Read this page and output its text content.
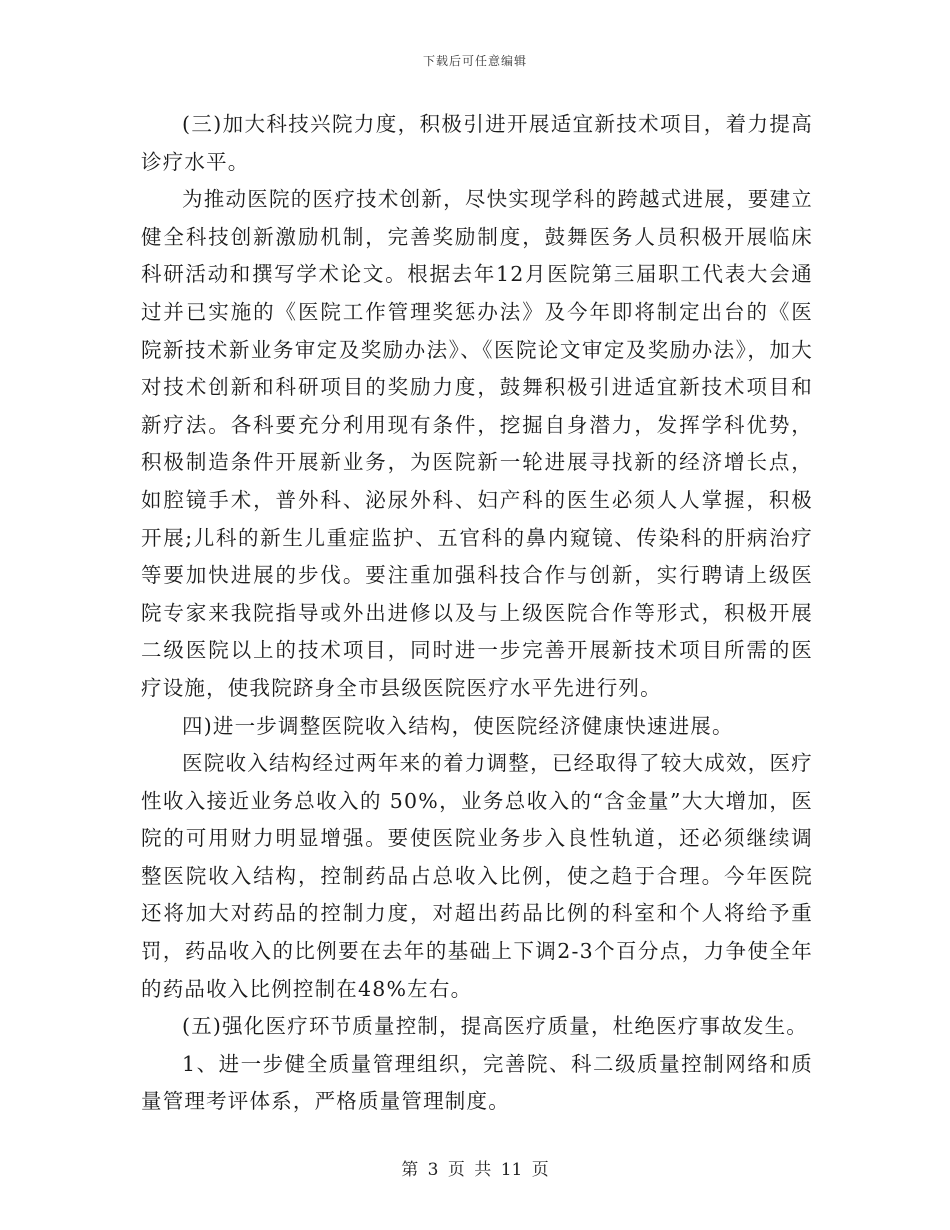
下载后可任意编辑

(三)加大科技兴院力度，积极引进开展适宜新技术项目，着力提高诊疗水平。

为推动医院的医疗技术创新，尽快实现学科的跨越式进展，要建立健全科技创新激励机制，完善奖励制度，鼓舞医务人员积极开展临床科研活动和撰写学术论文。根据去年12月医院第三届职工代表大会通过并已实施的《医院工作管理奖惩办法》及今年即将制定出台的《医院新技术新业务审定及奖励办法》、《医院论文审定及奖励办法》，加大对技术创新和科研项目的奖励力度，鼓舞积极引进适宜新技术项目和新疗法。各科要充分利用现有条件，挖掘自身潜力，发挥学科优势，积极制造条件开展新业务，为医院新一轮进展寻找新的经济增长点，如腔镜手术，普外科、泌尿外科、妇产科的医生必须人人掌握，积极开展;儿科的新生儿重症监护、五官科的鼻内窥镜、传染科的肝病治疗等要加快进展的步伐。要注重加强科技合作与创新，实行聘请上级医院专家来我院指导或外出进修以及与上级医院合作等形式，积极开展二级医院以上的技术项目，同时进一步完善开展新技术项目所需的医疗设施，使我院跻身全市县级医院医疗水平先进行列。

四)进一步调整医院收入结构，使医院经济健康快速进展。

医院收入结构经过两年来的着力调整，已经取得了较大成效，医疗性收入接近业务总收入的 50%，业务总收入的“含金量”大大增加，医院的可用财力明显增强。要使医院业务步入良性轨道，还必须继续调整医院收入结构，控制药品占总收入比例，使之趋于合理。今年医院还将加大对药品的控制力度，对超出药品比例的科室和个人将给予重罚，药品收入的比例要在去年的基础上下调2-3个百分点，力争使全年的药品收入比例控制在48%左右。

(五)强化医疗环节质量控制，提高医疗质量，杜绝医疗事故发生。

1、进一步健全质量管理组织，完善院、科二级质量控制网络和质量管理考评体系，严格质量管理制度。

第 3 页 共 11 页
